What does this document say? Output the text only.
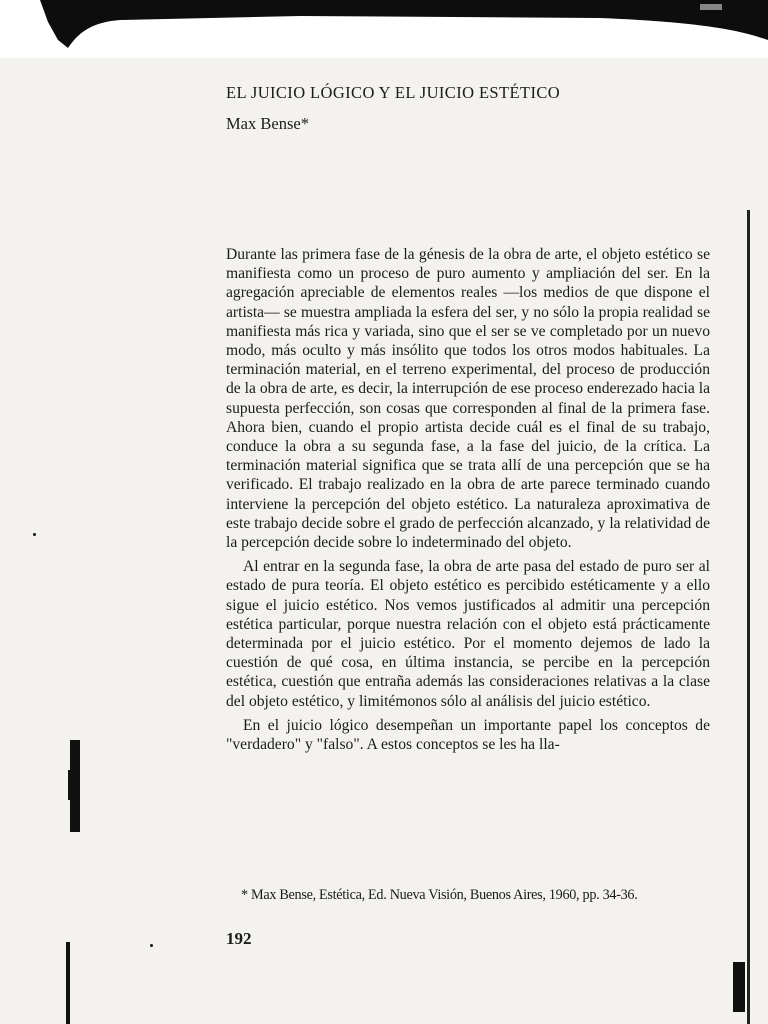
EL JUICIO LÓGICO Y EL JUICIO ESTÉTICO
Max Bense*

Durante las primera fase de la génesis de la obra de arte, el objeto estético se manifiesta como un proceso de puro aumento y ampliación del ser. En la agregación apreciable de elementos reales —los medios de que dispone el artista— se muestra ampliada la esfera del ser, y no sólo la propia realidad se manifiesta más rica y variada, sino que el ser se ve completado por un nuevo modo, más oculto y más insólito que todos los otros modos habituales. La terminación material, en el terreno experimental, del proceso de producción de la obra de arte, es decir, la interrupción de ese proceso enderezado hacia la supuesta perfección, son cosas que corresponden al final de la primera fase. Ahora bien, cuando el propio artista decide cuál es el final de su trabajo, conduce la obra a su segunda fase, a la fase del juicio, de la crítica. La terminación material significa que se trata allí de una percepción que se ha verificado. El trabajo realizado en la obra de arte parece terminado cuando interviene la percepción del objeto estético. La naturaleza aproximativa de este trabajo decide sobre el grado de perfección alcanzado, y la relatividad de la percepción decide sobre lo indeterminado del objeto.

Al entrar en la segunda fase, la obra de arte pasa del estado de puro ser al estado de pura teoría. El objeto estético es percibido estéticamente y a ello sigue el juicio estético. Nos vemos justificados al admitir una percepción estética particular, porque nuestra relación con el objeto está prácticamente determinada por el juicio estético. Por el momento dejemos de lado la cuestión de qué cosa, en última instancia, se percibe en la percepción estética, cuestión que entraña además las consideraciones relativas a la clase del objeto estético, y limitémonos sólo al análisis del juicio estético.

En el juicio lógico desempeñan un importante papel los conceptos de "verdadero" y "falso". A estos conceptos se les ha lla-

* Max Bense, Estética, Ed. Nueva Visión, Buenos Aires, 1960, pp. 34-36.
192
